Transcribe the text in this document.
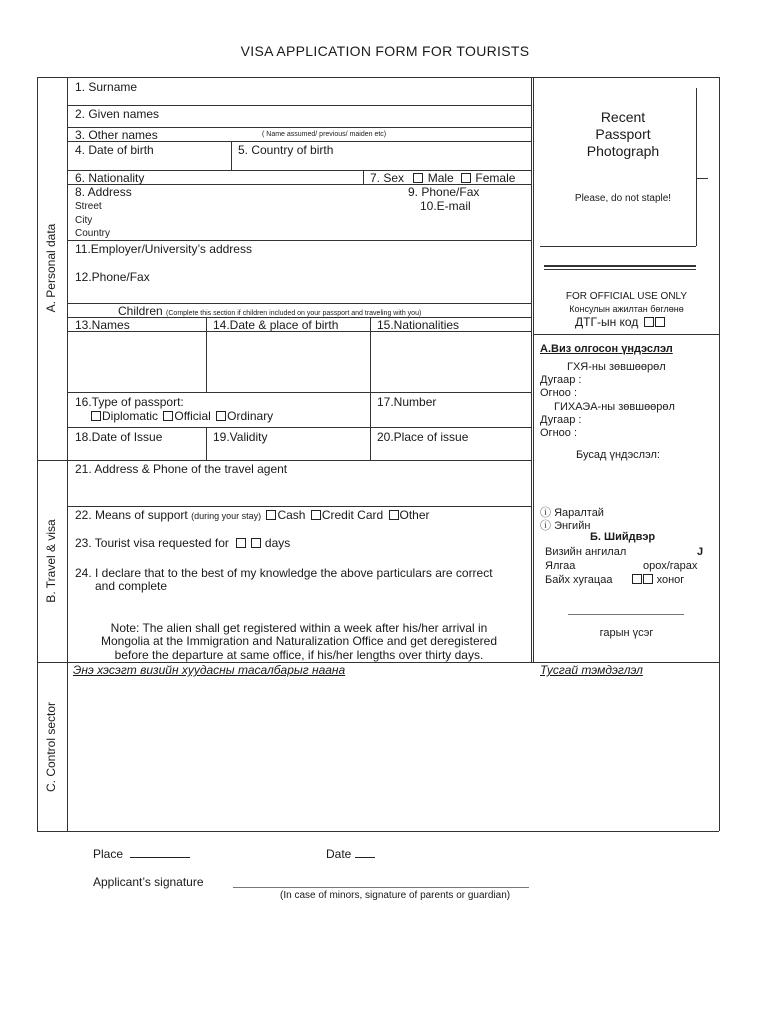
VISA APPLICATION FORM FOR TOURISTS
A. Personal data
B. Travel & visa
C. Control sector
1. Surname
2. Given names
3. Other names	( Name assumed/ previous/ maiden etc)
4. Date of birth	5. Country of birth
6. Nationality	7. Sex Male Female
8. Address	9. Phone/Fax
Street	10.E-mail
City
Country
11.Employer/University’s address
12.Phone/Fax
Children (Complete this section if children included on your passport and traveling with you)
13.Names	14.Date & place of birth	15.Nationalities
16.Type of passport:
Diplomatic Official Ordinary
17.Number
18.Date of Issue	19.Validity	20.Place of issue
21. Address & Phone of the travel agent
22. Means of support (during your stay) Cash Credit Card Other
23. Tourist visa requested for	days
24. I declare that to the best of my knowledge the above particulars are correct
and complete
Note: The alien shall get registered within a week after his/her arrival in
Mongolia at the Immigration and Naturalization Office and get deregistered
before the departure at same office, if his/her lengths over thirty days.
Recent
Passport
Photograph
Please, do not staple!
FOR OFFICIAL USE ONLY
Консулын ажилтан бөглөнө
ДТГ-ын код
А.Виз олгосон үндэслэл
ГХЯ-ны зөвшөөрөл
Дугаар :
Огноо :
ГИХАЭА-ны зөвшөөрөл
Дугаар :
Огноо :
Бусад үндэслэл:
ⓘ Яаралтай
ⓘ Энгийн
Б. Шийдвэр
Визийн ангилал	J
Ялгаа	орох/гарах
Байх хугацаа	хоног
гарын үсэг
Энэ хэсэгт визийн хуудасны тасалбарыг наана	Тусгай тэмдэглэл
Place	Date
Applicant’s signature
(In case of minors, signature of parents or guardian)
